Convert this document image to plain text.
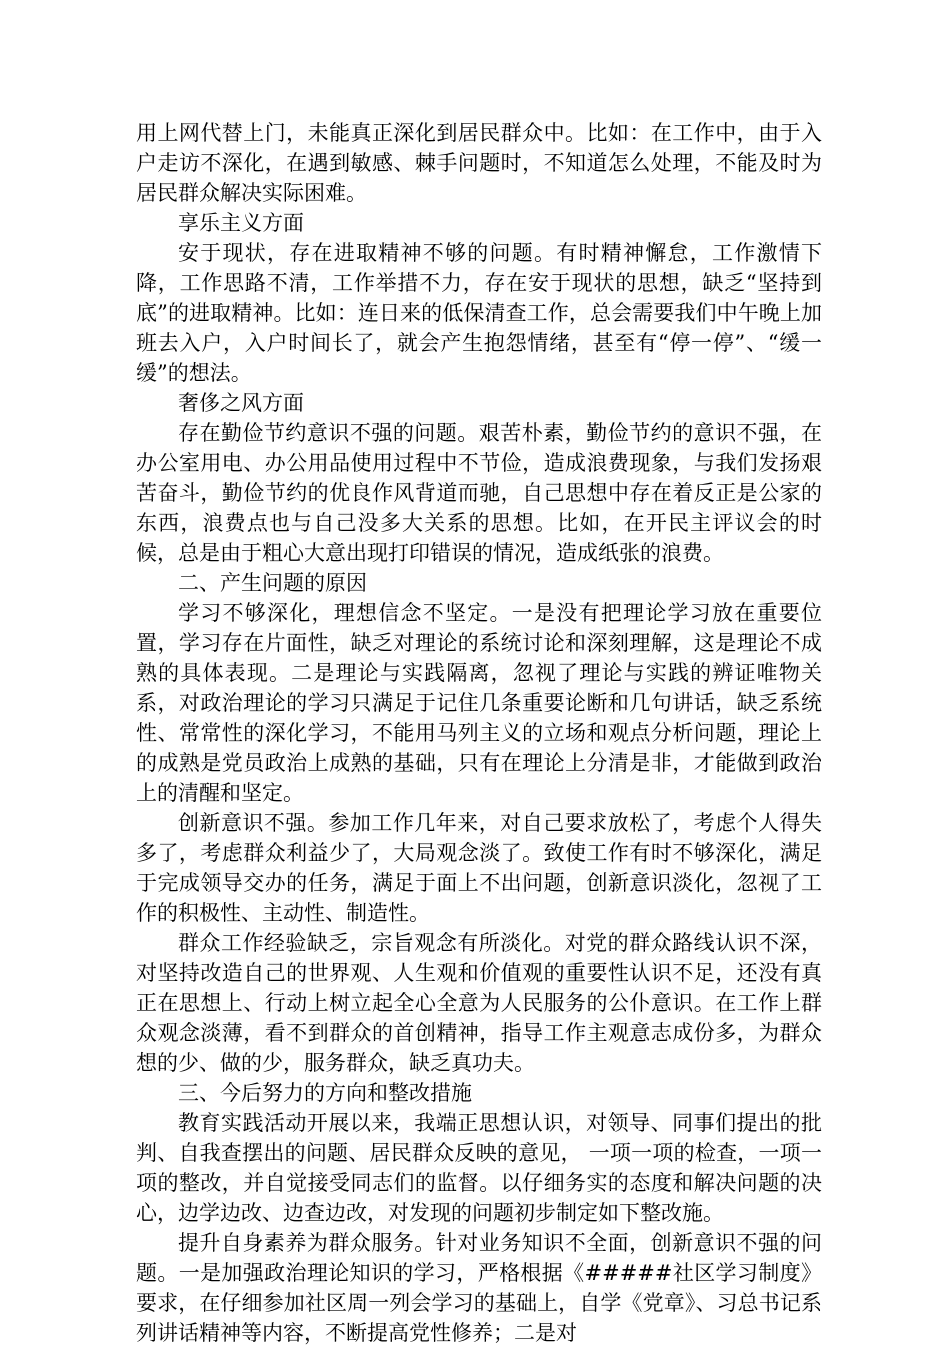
用上网代替上门，未能真正深化到居民群众中。比如：在工作中，由于入户走访不深化，在遇到敏感、棘手问题时，不知道怎么处理，不能及时为居民群众解决实际困难。

享乐主义方面

安于现状，存在进取精神不够的问题。有时精神懈怠，工作激情下降，工作思路不清，工作举措不力，存在安于现状的思想，缺乏“坚持到底”的进取精神。比如：连日来的低保清查工作，总会需要我们中午晚上加班去入户，入户时间长了，就会产生抱怨情绪，甚至有“停一停”、“缓一缓”的想法。

奢侈之风方面

存在勤俭节约意识不强的问题。艰苦朴素，勤俭节约的意识不强，在办公室用电、办公用品使用过程中不节俭，造成浪费现象，与我们发扬艰苦奋斗，勤俭节约的优良作风背道而驰，自己思想中存在着反正是公家的东西，浪费点也与自己没多大关系的思想。比如，在开民主评议会的时候，总是由于粗心大意出现打印错误的情况，造成纸张的浪费。

二、产生问题的原因

学习不够深化，理想信念不坚定。一是没有把理论学习放在重要位置，学习存在片面性，缺乏对理论的系统讨论和深刻理解，这是理论不成熟的具体表现。二是理论与实践隔离，忽视了理论与实践的辨证唯物关系，对政治理论的学习只满足于记住几条重要论断和几句讲话，缺乏系统性、常常性的深化学习，不能用马列主义的立场和观点分析问题，理论上的成熟是党员政治上成熟的基础，只有在理论上分清是非，才能做到政治上的清醒和坚定。

创新意识不强。参加工作几年来，对自己要求放松了，考虑个人得失多了，考虑群众利益少了，大局观念淡了。致使工作有时不够深化，满足于完成领导交办的任务，满足于面上不出问题，创新意识淡化，忽视了工作的积极性、主动性、制造性。

群众工作经验缺乏，宗旨观念有所淡化。对党的群众路线认识不深，对坚持改造自己的世界观、人生观和价值观的重要性认识不足，还没有真正在思想上、行动上树立起全心全意为人民服务的公仆意识。在工作上群众观念淡薄，看不到群众的首创精神，指导工作主观意志成份多，为群众想的少、做的少，服务群众，缺乏真功夫。

三、今后努力的方向和整改措施

教育实践活动开展以来，我端正思想认识，对领导、同事们提出的批判、自我查摆出的问题、居民群众反映的意见， 一项一项的检查，一项一项的整改，并自觉接受同志们的监督。以仔细务实的态度和解决问题的决心，边学边改、边查边改，对发现的问题初步制定如下整改施。

提升自身素养为群众服务。针对业务知识不全面，创新意识不强的问题。一是加强政治理论知识的学习，严格根据《#####社区学习制度》要求，在仔细参加社区周一列会学习的基础上，自学《党章》、习总书记系列讲话精神等内容，不断提高党性修养；二是对
